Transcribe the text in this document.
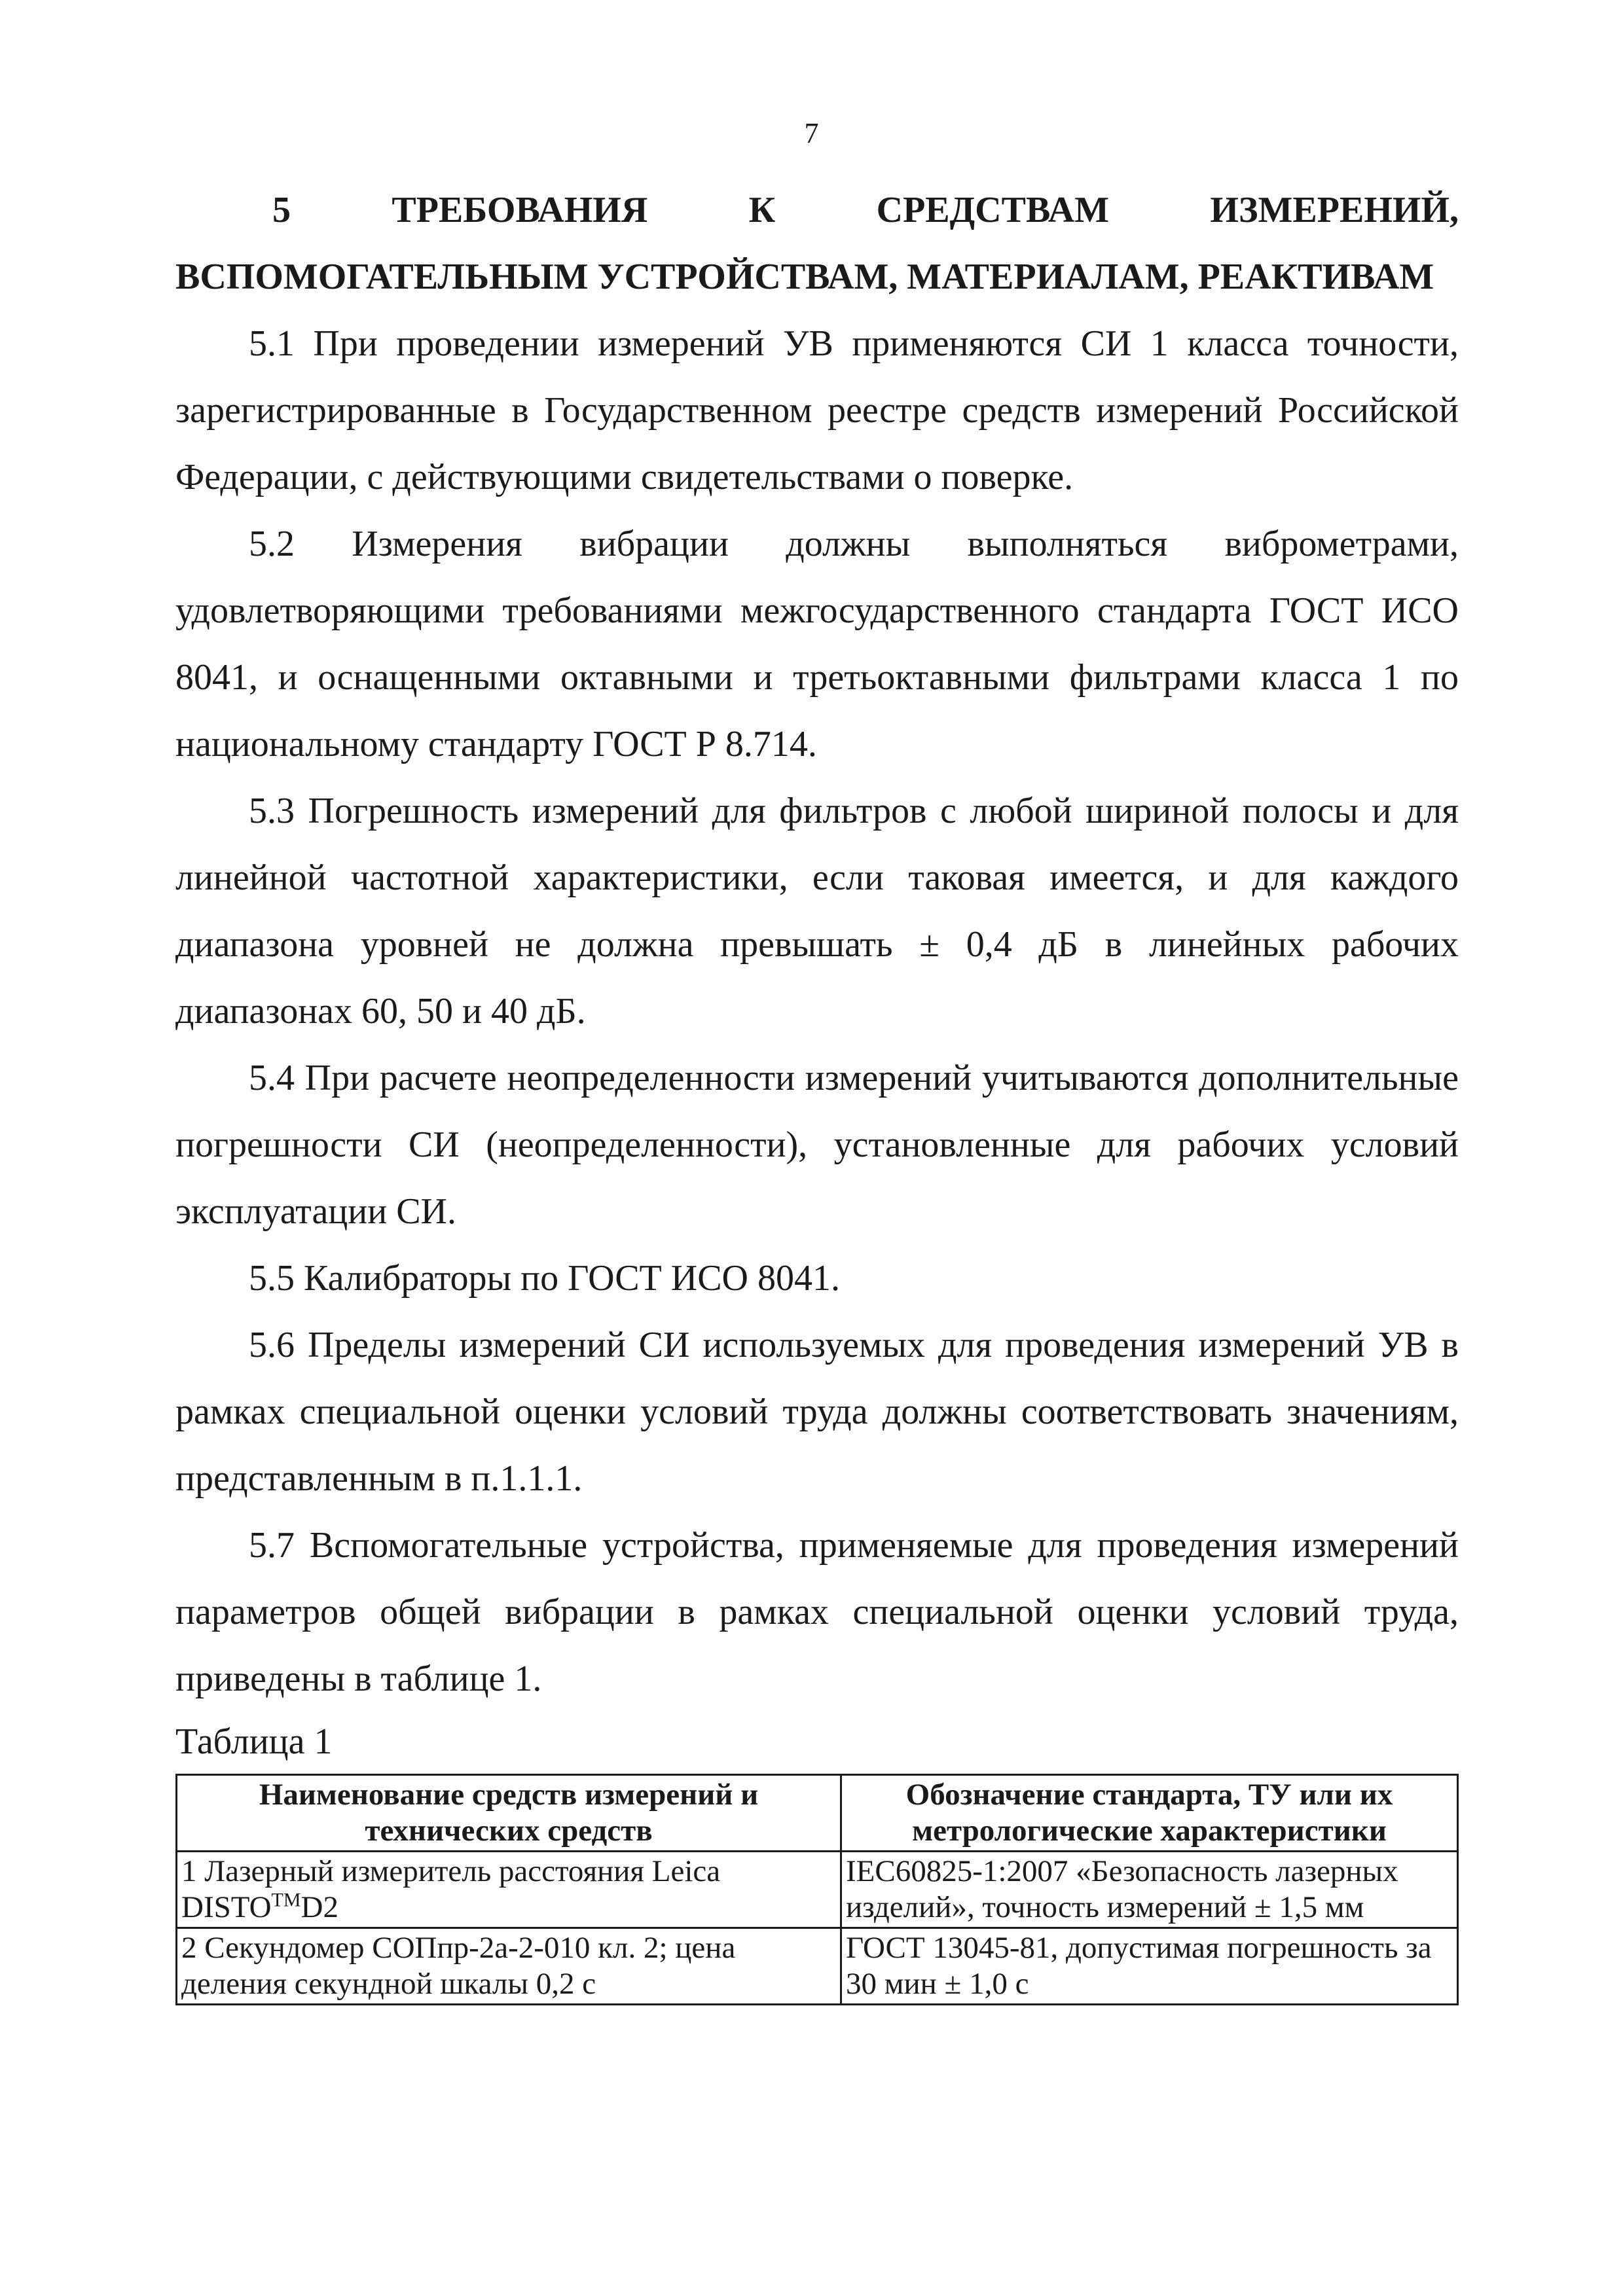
7

5 ТРЕБОВАНИЯ К СРЕДСТВАМ ИЗМЕРЕНИЙ, ВСПОМОГАТЕЛЬНЫМ УСТРОЙСТВАМ, МАТЕРИАЛАМ, РЕАКТИВАМ

5.1 При проведении измерений УВ применяются СИ 1 класса точности, зарегистрированные в Государственном реестре средств измерений Российской Федерации, с действующими свидетельствами о поверке.

5.2 Измерения вибрации должны выполняться виброметрами, удовлетворяющими требованиями межгосударственного стандарта ГОСТ ИСО 8041, и оснащенными октавными и третьоктавными фильтрами класса 1 по национальному стандарту ГОСТ Р 8.714.

5.3 Погрешность измерений для фильтров с любой шириной полосы и для линейной частотной характеристики, если таковая имеется, и для каждого диапазона уровней не должна превышать ± 0,4 дБ в линейных рабочих диапазонах 60, 50 и 40 дБ.

5.4 При расчете неопределенности измерений учитываются дополнительные погрешности СИ (неопределенности), установленные для рабочих условий эксплуатации СИ.

5.5 Калибраторы по ГОСТ ИСО 8041.

5.6 Пределы измерений СИ используемых для проведения измерений УВ в рамках специальной оценки условий труда должны соответствовать значениям, представленным в п.1.1.1.

5.7 Вспомогательные устройства, применяемые для проведения измерений параметров общей вибрации в рамках специальной оценки условий труда, приведены в таблице 1.

Таблица 1

Наименование средств измерений и технических средств	Обозначение стандарта, ТУ или их метрологические характеристики
1 Лазерный измеритель расстояния Leica DISTO™D2	IEC60825-1:2007 «Безопасность лазерных изделий», точность измерений ± 1,5 мм
2 Секундомер СОПпр-2а-2-010 кл. 2; цена деления секундной шкалы 0,2 с	ГОСТ 13045-81, допустимая погрешность за 30 мин ± 1,0 с
